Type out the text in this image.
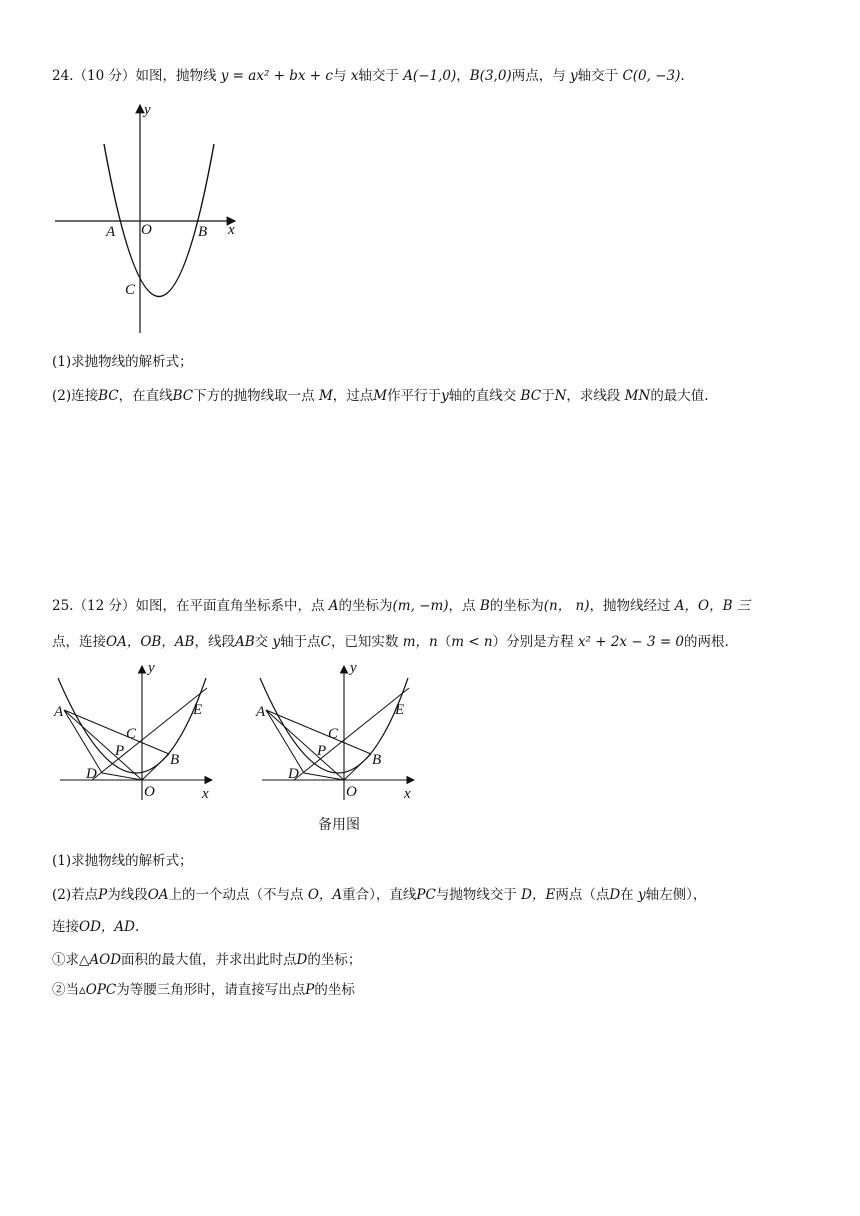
24.（10 分）如图，抛物线 y = ax² + bx + c与 x轴交于 A(−1,0)，B(3,0)两点，与 y轴交于 C(0, −3).
y
x
O
A	B
C
(1)求抛物线的解析式；
(2)连接BC，在直线BC下方的抛物线取一点 M，过点M作平行于y轴的直线交 BC于N，求线段 MN的最大值.
25.（12 分）如图，在平面直角坐标系中，点 A的坐标为(m, −m)，点 B的坐标为(n， n)，抛物线经过 A，O，B 三
点，连接OA，OB，AB，线段AB交 y轴于点C，已知实数 m，n（m < n）分别是方程 x² + 2x − 3 = 0的两根.
y
x
O
A
B
C
P
D
E
y
x
O
A
B
C
P
D
E
备用图
(1)求抛物线的解析式；
(2)若点P为线段OA上的一个动点（不与点 O，A重合），直线PC与抛物线交于 D，E两点（点D在 y轴左侧），
连接OD，AD.
①求△AOD面积的最大值，并求出此时点D的坐标；
②当▵OPC为等腰三角形时，请直接写出点P的坐标
